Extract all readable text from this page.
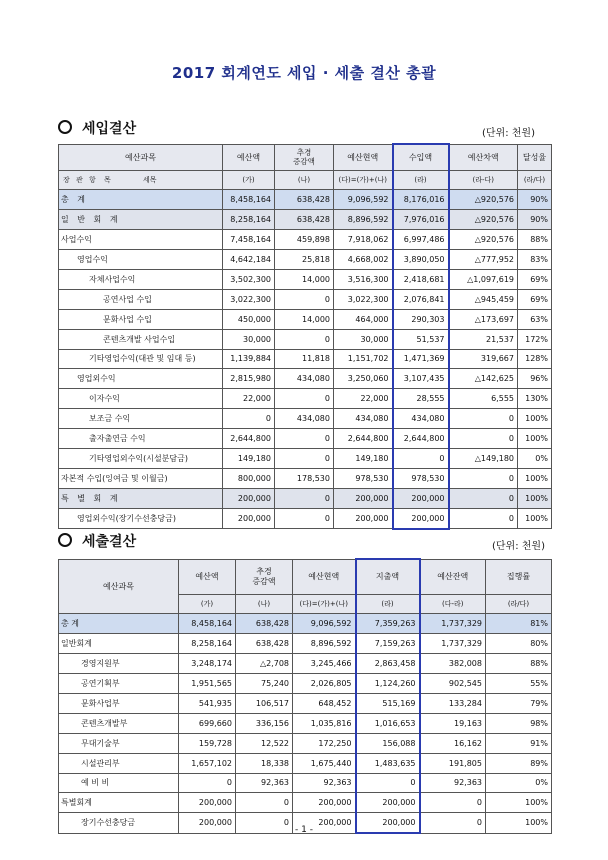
2017 회계연도 세입 · 세출 결산 총괄
세입결산	(단위: 천원)
예산과목	예산액	추경
증감액	예산현액	수입액	예산차액	달성율
장 관 항 목 세목	(가)	(나)	(다)=(가)+(나)	(라)	(라-다)	(라/다)
총 계	8,458,164	638,428	9,096,592	8,176,016	△920,576	90%
일 반 회 계	8,258,164	638,428	8,896,592	7,976,016	△920,576	90%
사업수익	7,458,164	459,898	7,918,062	6,997,486	△920,576	88%
영업수익	4,642,184	25,818	4,668,002	3,890,050	△777,952	83%
자체사업수익	3,502,300	14,000	3,516,300	2,418,681	△1,097,619	69%
공연사업 수입	3,022,300	0	3,022,300	2,076,841	△945,459	69%
문화사업 수입	450,000	14,000	464,000	290,303	△173,697	63%
콘텐츠개발 사업수입	30,000	0	30,000	51,537	21,537	172%
기타영업수익(대관 및 임대 등)	1,139,884	11,818	1,151,702	1,471,369	319,667	128%
영업외수익	2,815,980	434,080	3,250,060	3,107,435	△142,625	96%
이자수익	22,000	0	22,000	28,555	6,555	130%
보조금 수익	0	434,080	434,080	434,080	0	100%
출자출연금 수익	2,644,800	0	2,644,800	2,644,800	0	100%
기타영업외수익(시설분담금)	149,180	0	149,180	0	△149,180	0%
자본적 수입(잉여금 및 이월금)	800,000	178,530	978,530	978,530	0	100%
특 별 회 계	200,000	0	200,000	200,000	0	100%
영업외수익(장기수선충당금)	200,000	0	200,000	200,000	0	100%
세출결산	(단위: 천원)
예산과목	예산액	추경
증감액	예산현액	지출액	예산잔액	집행률
	(가)	(나)	(다)=(가)+(나)	(라)	(다-라)	(라/다)
총 계	8,458,164	638,428	9,096,592	7,359,263	1,737,329	81%
일반회계	8,258,164	638,428	8,896,592	7,159,263	1,737,329	80%
경영지원부	3,248,174	△2,708	3,245,466	2,863,458	382,008	88%
공연기획부	1,951,565	75,240	2,026,805	1,124,260	902,545	55%
문화사업부	541,935	106,517	648,452	515,169	133,284	79%
콘텐츠개발부	699,660	336,156	1,035,816	1,016,653	19,163	98%
무대기술부	159,728	12,522	172,250	156,088	16,162	91%
시설관리부	1,657,102	18,338	1,675,440	1,483,635	191,805	89%
예 비 비	0	92,363	92,363	0	92,363	0%
특별회계	200,000	0	200,000	200,000	0	100%
장기수선충당금	200,000	0	200,000	200,000	0	100%
- 1 -
